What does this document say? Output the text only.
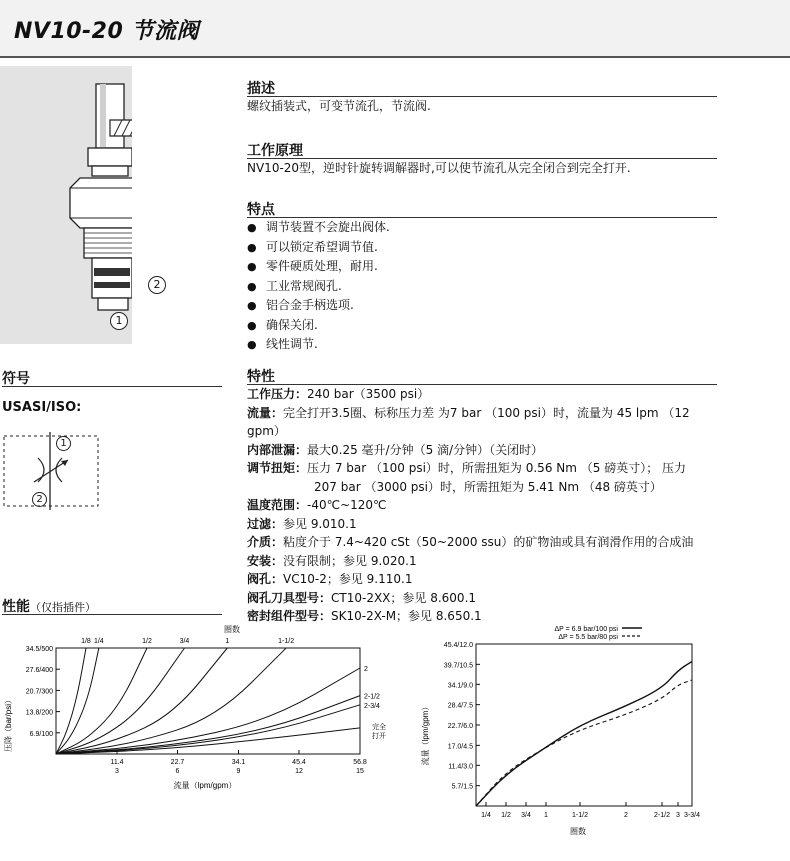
NV10-20 节流阀
2
1
描述
螺纹插装式，可变节流孔，节流阀.
工作原理
NV10-20型，逆时针旋转调解器时,可以使节流孔从完全闭合到完全打开.
特点
● 调节装置不会旋出阀体.
● 可以锁定希望调节值.
● 零件硬质处理，耐用.
● 工业常规阀孔.
● 铝合金手柄选项.
● 确保关闭.
● 线性调节.
符号
USASI/ISO:
1
2
特性
工作压力：240 bar（3500 psi）
流量：完全打开3.5圈、标称压力差 为7 bar （100 psi）时，流量为 45 lpm （12
gpm）
内部泄漏：最大0.25 毫升/分钟（5 滴/分钟）（关闭时）
调节扭矩：压力 7 bar （100 psi）时，所需扭矩为 0.56 Nm （5 磅英寸）； 压力
207 bar （3000 psi）时，所需扭矩为 5.41 Nm （48 磅英寸）
温度范围：-40℃~120℃
过滤：参见 9.010.1
介质：粘度介于 7.4~420 cSt（50~2000 ssu）的矿物油或具有润滑作用的合成油
安装：没有限制；参见 9.020.1
阀孔：VC10-2；参见 9.110.1
阀孔刀具型号：CT10-2XX；参见 8.600.1
密封组件型号：SK10-2X-M；参见 8.650.1
性能（仅指插件）
圈数
压降（bar/psi）
流量（lpm/gpm）
完全
打开
6.9/100
13.8/200
20.7/300
27.6/400
34.5/500
11.4
3
22.7
6
34.1
9
45.4
12
56.8
15
1/8 1/4	1/2	3/4	1	1-1/2
2
2-1/2
2-3/4	流量（lpm/gpm）
圈数
ΔP = 6.9 bar/100 psi
ΔP = 5.5 bar/80 psi
5.7/1.5
11.4/3.0
17.0/4.5
22.7/6.0
28.4/7.5
34.1/9.0
39.7/10.5
45.4/12.0
1/4 1/2 3/4 1	1-1/2	2	2-1/2 3 3-3/4
